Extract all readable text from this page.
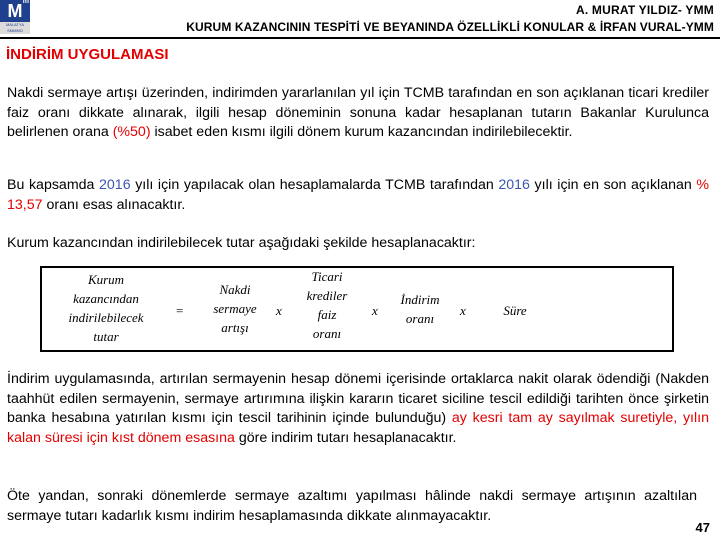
M m
MALATYA SMMMO
A. MURAT YILDIZ- YMM
KURUM KAZANCININ TESPİTİ VE BEYANINDA ÖZELLİKLİ KONULAR & İRFAN VURAL-YMM
İNDİRİM UYGULAMASI
Nakdi sermaye artışı üzerinden, indirimden yararlanılan yıl için TCMB tarafından en son açıklanan ticari krediler faiz oranı dikkate alınarak, ilgili hesap döneminin sonuna kadar hesaplanan tutarın Bakanlar Kurulunca belirlenen orana (%50) isabet eden kısmı ilgili dönem kurum kazancından indirilebilecektir.
Bu kapsamda 2016 yılı için yapılacak olan hesaplamalarda TCMB tarafından 2016 yılı için en son açıklanan % 13,57 oranı esas alınacaktır.
Kurum kazancından indirilebilecek tutar aşağıdaki şekilde hesaplanacaktır:
Kurum
kazancından
indirilebilecek
tutar
=
Nakdi
sermaye
artışı
x
Ticari
krediler
faiz
oranı
x
İndirim
oranı
x	Süre
İndirim uygulamasında, artırılan sermayenin hesap dönemi içerisinde ortaklarca nakit olarak ödendiği (Nakden taahhüt edilen sermayenin, sermaye artırımına ilişkin kararın ticaret siciline tescil edildiği tarihten önce şirketin banka hesabına yatırılan kısmı için tescil tarihinin içinde bulunduğu) ay kesri tam ay sayılmak suretiyle, yılın kalan süresi için kıst dönem esasına göre indirim tutarı hesaplanacaktır.
Öte yandan, sonraki dönemlerde sermaye azaltımı yapılması hâlinde nakdi sermaye artışının azaltılan sermaye tutarı kadarlık kısmı indirim hesaplamasında dikkate alınmayacaktır.
47
